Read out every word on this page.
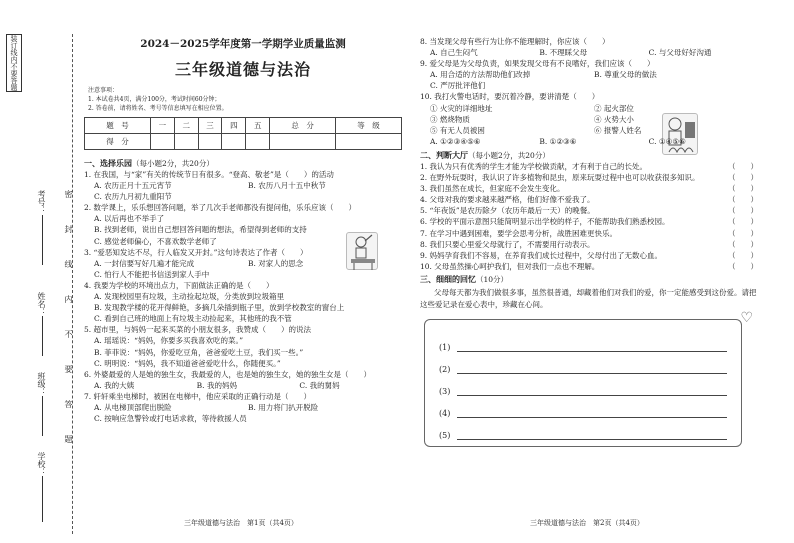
装订线内不要答题
考号：
姓名：
班级：
学校：
密
封
线
内
不
要
答
题
2024－2025学年度第一学期学业质量监测
三年级道德与法治
注意事项：
1. 本试卷共4页，满分100分，考试时间60分钟；
2. 答卷前，请将姓名、考号等信息填写在相应位置。
题　号	一	二	三	四	五	总　分	等　级
得　分							
一、选择乐园（每小题2分，共20分）
1. 在我国，与“家”有关的传统节日有很多。“登高、敬老”是（　　）的活动
A. 农历正月十五元宵节	B. 农历八月十五中秋节
C. 农历九月初九重阳节
2. 数学课上，乐乐想回答问题，举了几次手老师都没有提问他，乐乐应该（　　）
A. 以后再也不举手了
B. 找到老师，说出自己想回答问题的想法，希望得到老师的支持
C. 感觉老师偏心，不喜欢数学老师了
3. “爱恶知发达不尽，行人临发又开封。”这句诗表达了作者（　　）
A. 一封信要写好几遍才能完成	B. 对家人的思念
C. 怕行人不能把书信送到家人手中
4. 我要为学校的环境出点力，下面做法正确的是（　　）
A. 发现校园里有垃圾，主动捡起垃圾，分类放到垃圾箱里
B. 发现教学楼的花开得鲜艳，多摘几朵插到瓶子里，放到学校教室的窗台上
C. 看到自己班的地面上有垃圾主动捡起来，其他班的我不管
5. 超市里，与妈妈一起来买菜的小朋友很多，我赞成（　　）的说法
A. 瑶瑶说：“妈妈，你要多买我喜欢吃的菜。”
B. 菲菲说：“妈妈，你爱吃豆角，爸爸爱吃土豆，我们买一些。”
C. 明明说：“妈妈，我不知道爸爸爱吃什么，你随便买。”
6. 外婆最爱的人是她的独生女，我最爱的人，也是她的独生女，她的独生女是（　　）
A. 我的大姨	B. 我的妈妈	C. 我的舅妈
7. 轩轩乘坐电梯时，被困在电梯中，他应采取的正确行动是（　　）
A. 从电梯顶部爬出脱险	B. 用力将门扒开脱险
C. 按响应急警铃或打电话求救，等待救援人员
8. 当发现父母有些行为让你不能理解时，你应该（　　）
A. 自己生闷气	B. 不理睬父母	C. 与父母好好沟通
9. 爱父母是为父母负责，如果发现父母有不良嗜好，我们应该（　　）
A. 用合适的方法帮助他们改掉	B. 尊重父母的做法
C. 严厉批评他们
10. 我打火警电话时，要沉着冷静，要讲清楚（　　）
① 火灾的详细地址	② 起火部位
③ 燃烧物质	④ 火势大小
⑤ 有无人员被困	⑥ 报警人姓名
A. ①②③④⑤⑥	B. ①②③⑥	C. ①④⑤⑥
二、判断大厅（每小题2分，共20分）
1. 我认为只有优秀的学生才能为学校做贡献，才有利于自己的长处。	（　　）
2. 在野外玩耍时，我认识了许多植物和昆虫，原来玩耍过程中也可以收获很多知识。	（　　）
3. 我们虽然在成长，但家庭不会发生变化。	（　　）
4. 父母对我的要求越来越严格，他们好像不爱我了。	（　　）
5. “年夜饭”是农历除夕（农历年最后一天）的晚餐。	（　　）
6. 学校的平面示意图只能简明显示出学校的样子，不能帮助我们熟悉校园。	（　　）
7. 在学习中遇到困难，要学会思考分析，战胜困难更快乐。	（　　）
8. 我们只要心里爱父母就行了，不需要用行动表示。	（　　）
9. 妈妈孕育我们不容易，在养育我们成长过程中，父母付出了无数心血。	（　　）
10. 父母虽然操心呵护我们，但对我们一点也不理解。	（　　）
三、细细的回忆（10分）
父母每天都为我们做很多事，虽然很普通，却藏着他们对我们的爱，你一定能感受到这份爱。请把这些爱记录在爱心表中，珍藏在心间。
♡
(1)
(2)
(3)
(4)
(5)
三年级道德与法治　第1页（共4页）	三年级道德与法治　第2页（共4页）
